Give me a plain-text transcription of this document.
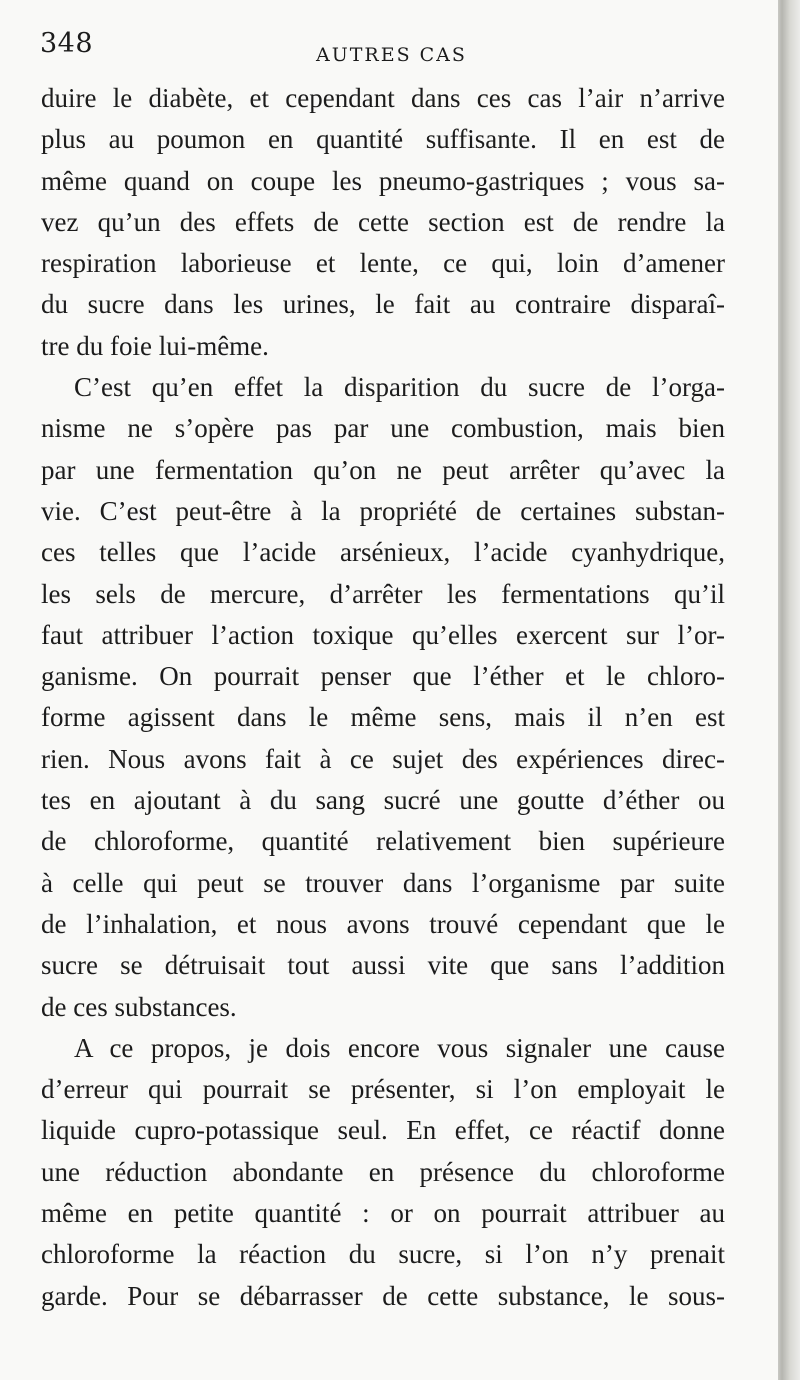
348	AUTRES CAS
duire le diabète, et cependant dans ces cas l’air n’arrive
plus au poumon en quantité suffisante. Il en est de
même quand on coupe les pneumo-gastriques ; vous sa-
vez qu’un des effets de cette section est de rendre la
respiration laborieuse et lente, ce qui, loin d’amener
du sucre dans les urines, le fait au contraire disparaî-
tre du foie lui-même.
C’est qu’en effet la disparition du sucre de l’orga-
nisme ne s’opère pas par une combustion, mais bien
par une fermentation qu’on ne peut arrêter qu’avec la
vie. C’est peut-être à la propriété de certaines substan-
ces telles que l’acide arsénieux, l’acide cyanhydrique,
les sels de mercure, d’arrêter les fermentations qu’il
faut attribuer l’action toxique qu’elles exercent sur l’or-
ganisme. On pourrait penser que l’éther et le chloro-
forme agissent dans le même sens, mais il n’en est
rien. Nous avons fait à ce sujet des expériences direc-
tes en ajoutant à du sang sucré une goutte d’éther ou
de chloroforme, quantité relativement bien supérieure
à celle qui peut se trouver dans l’organisme par suite
de l’inhalation, et nous avons trouvé cependant que le
sucre se détruisait tout aussi vite que sans l’addition
de ces substances.
A ce propos, je dois encore vous signaler une cause
d’erreur qui pourrait se présenter, si l’on employait le
liquide cupro-potassique seul. En effet, ce réactif donne
une réduction abondante en présence du chloroforme
même en petite quantité : or on pourrait attribuer au
chloroforme la réaction du sucre, si l’on n’y prenait
garde. Pour se débarrasser de cette substance, le sous-
